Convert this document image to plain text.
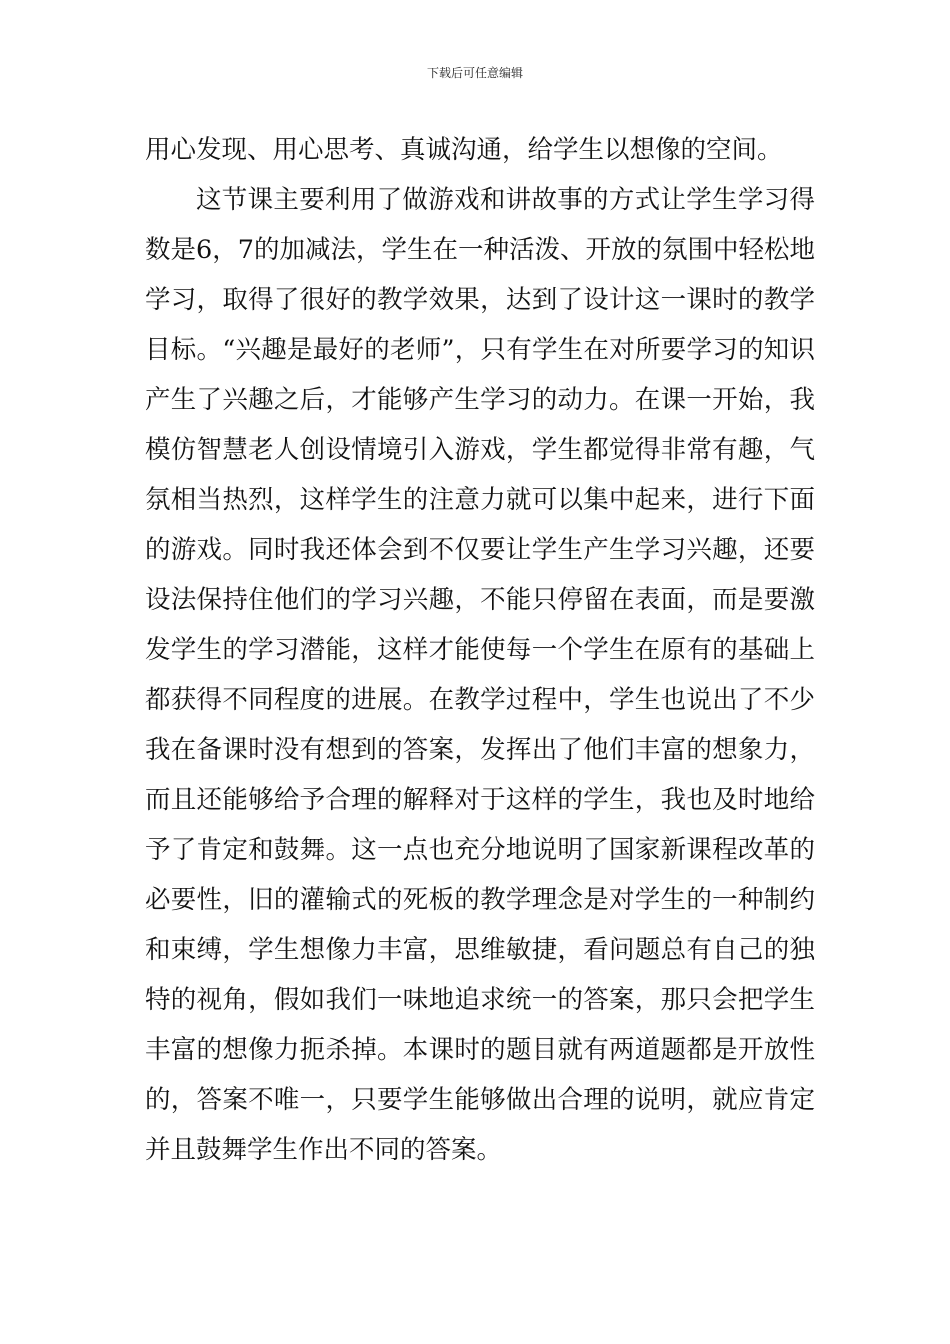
下载后可任意编辑

用心发现、用心思考、真诚沟通，给学生以想像的空间。

这节课主要利用了做游戏和讲故事的方式让学生学习得数是6，7的加减法，学生在一种活泼、开放的氛围中轻松地学习，取得了很好的教学效果，达到了设计这一课时的教学目标。“兴趣是最好的老师”，只有学生在对所要学习的知识产生了兴趣之后，才能够产生学习的动力。在课一开始，我模仿智慧老人创设情境引入游戏，学生都觉得非常有趣，气氛相当热烈，这样学生的注意力就可以集中起来，进行下面的游戏。同时我还体会到不仅要让学生产生学习兴趣，还要设法保持住他们的学习兴趣，不能只停留在表面，而是要激发学生的学习潜能，这样才能使每一个学生在原有的基础上都获得不同程度的进展。在教学过程中，学生也说出了不少我在备课时没有想到的答案，发挥出了他们丰富的想象力，而且还能够给予合理的解释对于这样的学生，我也及时地给予了肯定和鼓舞。这一点也充分地说明了国家新课程改革的必要性，旧的灌输式的死板的教学理念是对学生的一种制约和束缚，学生想像力丰富，思维敏捷，看问题总有自己的独特的视角，假如我们一味地追求统一的答案，那只会把学生丰富的想像力扼杀掉。本课时的题目就有两道题都是开放性的，答案不唯一，只要学生能够做出合理的说明，就应肯定并且鼓舞学生作出不同的答案。
